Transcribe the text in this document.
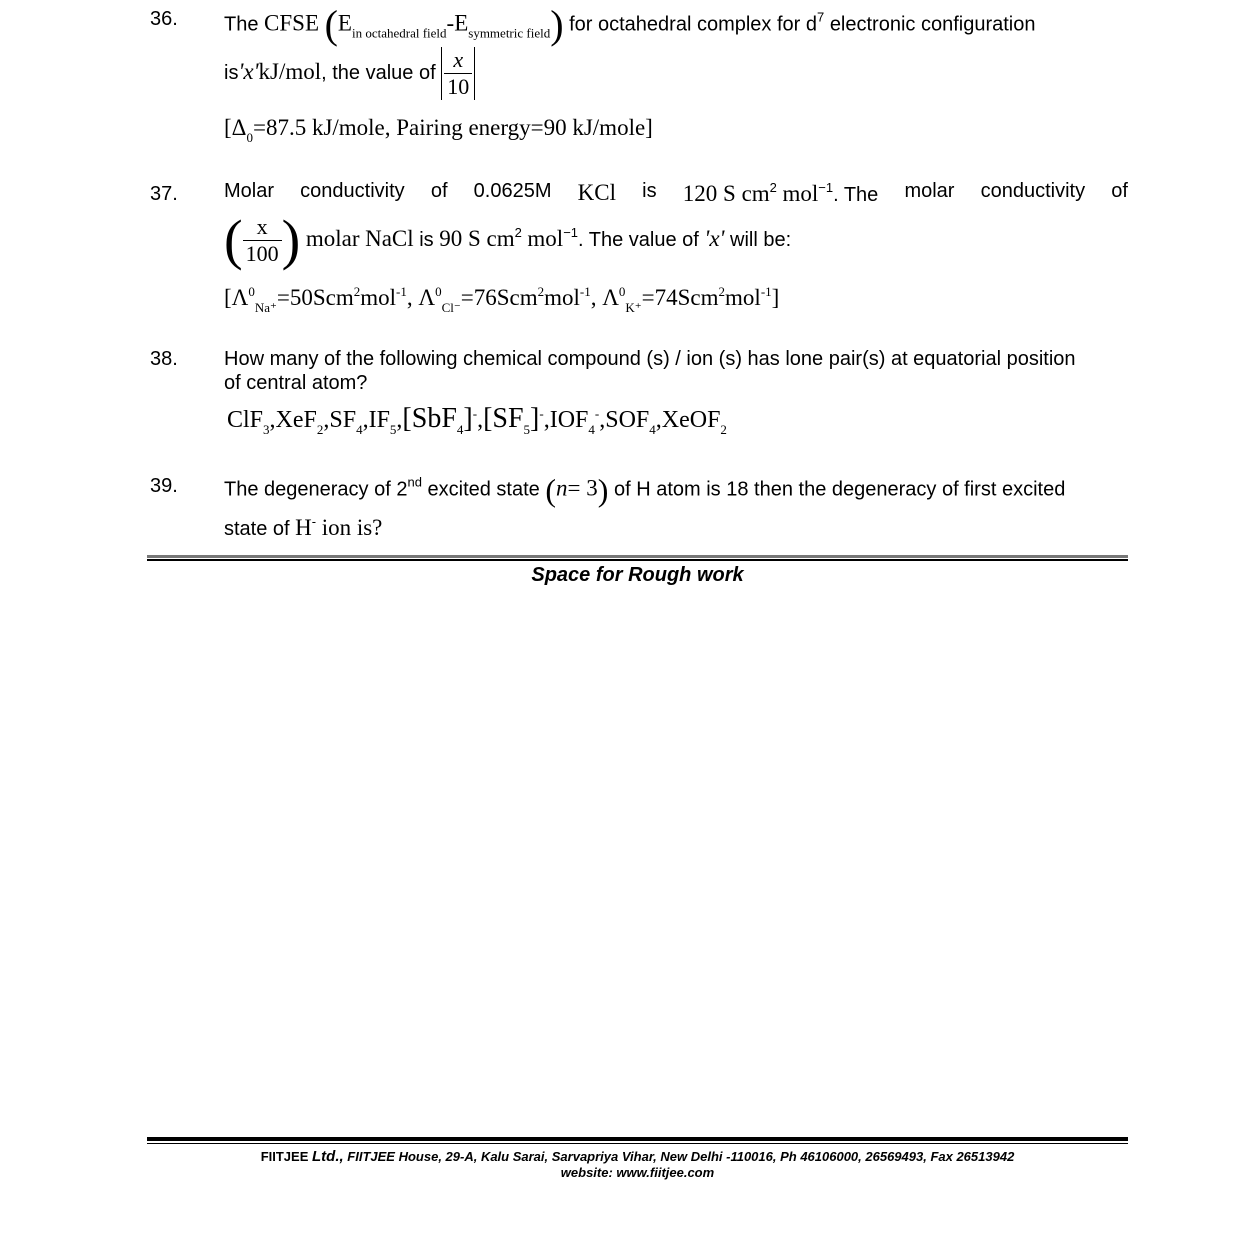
36. The CFSE $(E_{in octahedral field}-E_{symmetric field})$ for octahedral complex for $d^7$ electronic configuration
is'x'kJ/mol, the value of $\frac{x}{10}$
[$\Delta_0=87.5$ kJ/mole, Pairing energy=90 kJ/mole]
37. Molar conductivity of 0.0625M KCl is 120 S $cm^2$ mol$^{-1}$. The molar conductivity of
( $\frac{x}{100}$ ) molar NaCl is 90 S $cm^2$ mol$^{-1}$. The value of 'x' will be:
[$\Lambda^0_{Na^+}=50Scm^2mol^{-1}$, $\Lambda^0_{Cl^-}=76Scm^2mol^{-1}$, $\Lambda^0_{K^+}=74Scm^2mol^{-1}$]
38. How many of the following chemical compound (s) / ion (s) has lone pair(s) at equatorial position
of central atom?
$ClF_3,XeF_2,SF_4,IF_5,[SbF_4]^-,[SF_5]^-,IOF_4^-,SOF_4,XeOF_2$
39. The degeneracy of 2nd excited state (n= 3) of H atom is 18 then the degeneracy of first excited
state of H- ion is?
Space for Rough work
FIITJEE Ltd., FIITJEE House, 29-A, Kalu Sarai, Sarvapriya Vihar, New Delhi -110016, Ph 46106000, 26569493, Fax 26513942
website: www.fiitjee.com
